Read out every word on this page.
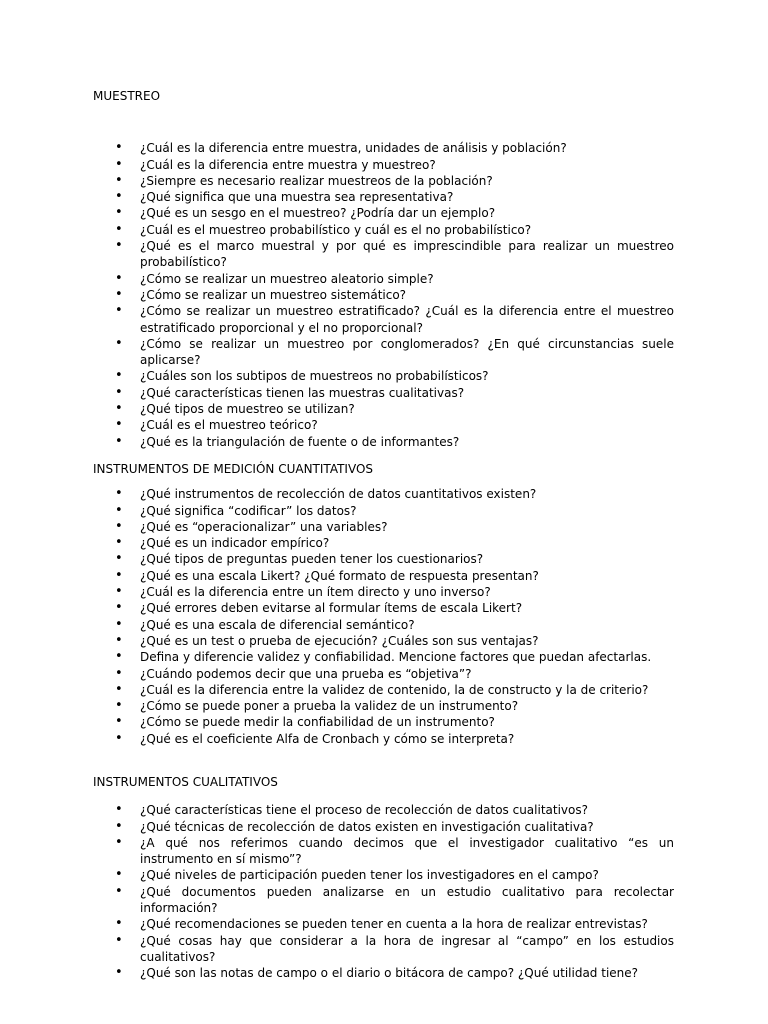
MUESTREO
• ¿Cuál es la diferencia entre muestra, unidades de análisis y población?
• ¿Cuál es la diferencia entre muestra y muestreo?
• ¿Siempre es necesario realizar muestreos de la población?
• ¿Qué significa que una muestra sea representativa?
• ¿Qué es un sesgo en el muestreo? ¿Podría dar un ejemplo?
• ¿Cuál es el muestreo probabilístico y cuál es el no probabilístico?
• ¿Qué es el marco muestral y por qué es imprescindible para realizar un muestreo probabilístico?
• ¿Cómo se realizar un muestreo aleatorio simple?
• ¿Cómo se realizar un muestreo sistemático?
• ¿Cómo se realizar un muestreo estratificado? ¿Cuál es la diferencia entre el muestreo estratificado proporcional y el no proporcional?
• ¿Cómo se realizar un muestreo por conglomerados? ¿En qué circunstancias suele aplicarse?
• ¿Cuáles son los subtipos de muestreos no probabilísticos?
• ¿Qué características tienen las muestras cualitativas?
• ¿Qué tipos de muestreo se utilizan?
• ¿Cuál es el muestreo teórico?
• ¿Qué es la triangulación de fuente o de informantes?
INSTRUMENTOS DE MEDICIÓN CUANTITATIVOS
• ¿Qué instrumentos de recolección de datos cuantitativos existen?
• ¿Qué significa “codificar” los datos?
• ¿Qué es “operacionalizar” una variables?
• ¿Qué es un indicador empírico?
• ¿Qué tipos de preguntas pueden tener los cuestionarios?
• ¿Qué es una escala Likert? ¿Qué formato de respuesta presentan?
• ¿Cuál es la diferencia entre un ítem directo y uno inverso?
• ¿Qué errores deben evitarse al formular ítems de escala Likert?
• ¿Qué es una escala de diferencial semántico?
• ¿Qué es un test o prueba de ejecución? ¿Cuáles son sus ventajas?
• Defina y diferencie validez y confiabilidad. Mencione factores que puedan afectarlas.
• ¿Cuándo podemos decir que una prueba es “objetiva”?
• ¿Cuál es la diferencia entre la validez de contenido, la de constructo y la de criterio?
• ¿Cómo se puede poner a prueba la validez de un instrumento?
• ¿Cómo se puede medir la confiabilidad de un instrumento?
• ¿Qué es el coeficiente Alfa de Cronbach y cómo se interpreta?
INSTRUMENTOS CUALITATIVOS
• ¿Qué características tiene el proceso de recolección de datos cualitativos?
• ¿Qué técnicas de recolección de datos existen en investigación cualitativa?
• ¿A qué nos referimos cuando decimos que el investigador cualitativo “es un instrumento en sí mismo”?
• ¿Qué niveles de participación pueden tener los investigadores en el campo?
• ¿Qué documentos pueden analizarse en un estudio cualitativo para recolectar información?
• ¿Qué recomendaciones se pueden tener en cuenta a la hora de realizar entrevistas?
• ¿Qué cosas hay que considerar a la hora de ingresar al “campo” en los estudios cualitativos?
• ¿Qué son las notas de campo o el diario o bitácora de campo? ¿Qué utilidad tiene?
